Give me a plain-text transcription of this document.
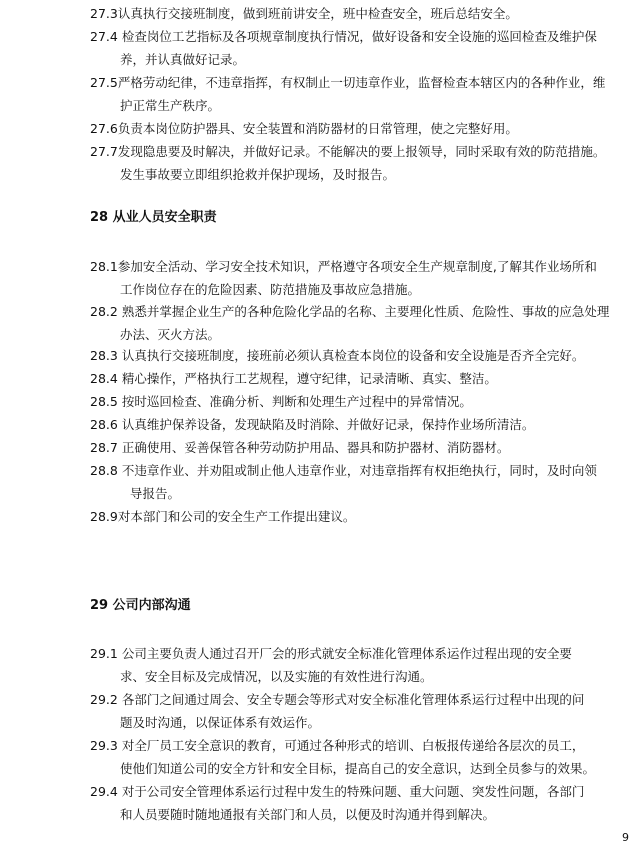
27.3认真执行交接班制度，做到班前讲安全，班中检查安全，班后总结安全。
27.4 检查岗位工艺指标及各项规章制度执行情况，做好设备和安全设施的巡回检查及维护保
养，并认真做好记录。
27.5严格劳动纪律，不违章指挥，有权制止一切违章作业，监督检查本辖区内的各种作业，维
护正常生产秩序。
27.6负责本岗位防护器具、安全装置和消防器材的日常管理，使之完整好用。
27.7发现隐患要及时解决，并做好记录。不能解决的要上报领导，同时采取有效的防范措施。
发生事故要立即组织抢救并保护现场，及时报告。
28 从业人员安全职责
28.1参加安全活动、学习安全技术知识，严格遵守各项安全生产规章制度,了解其作业场所和
工作岗位存在的危险因素、防范措施及事故应急措施。
28.2 熟悉并掌握企业生产的各种危险化学品的名称、主要理化性质、危险性、事故的应急处理
办法、灭火方法。
28.3 认真执行交接班制度，接班前必须认真检查本岗位的设备和安全设施是否齐全完好。
28.4 精心操作，严格执行工艺规程，遵守纪律，记录清晰、真实、整洁。
28.5 按时巡回检查、准确分析、判断和处理生产过程中的异常情况。
28.6 认真维护保养设备，发现缺陷及时消除、并做好记录，保持作业场所清洁。
28.7 正确使用、妥善保管各种劳动防护用品、器具和防护器材、消防器材。
28.8 不违章作业、并劝阻或制止他人违章作业，对违章指挥有权拒绝执行，同时，及时向领
导报告。
28.9对本部门和公司的安全生产工作提出建议。
29 公司内部沟通
29.1 公司主要负责人通过召开厂会的形式就安全标准化管理体系运作过程出现的安全要
求、安全目标及完成情况，以及实施的有效性进行沟通。
29.2 各部门之间通过周会、安全专题会等形式对安全标准化管理体系运行过程中出现的问
题及时沟通，以保证体系有效运作。
29.3 对全厂员工安全意识的教育，可通过各种形式的培训、白板报传递给各层次的员工，
使他们知道公司的安全方针和安全目标，提高自己的安全意识，达到全员参与的效果。
29.4 对于公司安全管理体系运行过程中发生的特殊问题、重大问题、突发性问题，各部门
和人员要随时随地通报有关部门和人员，以便及时沟通并得到解决。
9
